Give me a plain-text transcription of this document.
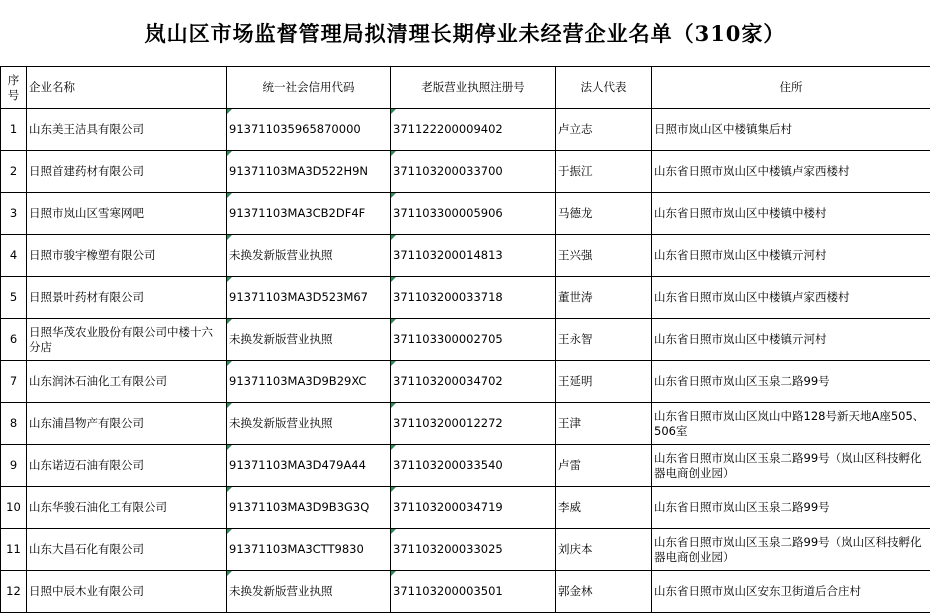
岚山区市场监督管理局拟清理长期停业未经营企业名单（310家）
序号	企业名称	统一社会信用代码	老版营业执照注册号	法人代表	住所
1	山东美王洁具有限公司	913711035965870000	371122200009402	卢立志	日照市岚山区中楼镇集后村
2	日照首建药材有限公司	91371103MA3D522H9N	371103200033700	于振江	山东省日照市岚山区中楼镇卢家西楼村
3	日照市岚山区雪寒网吧	91371103MA3CB2DF4F	371103300005906	马德龙	山东省日照市岚山区中楼镇中楼村
4	日照市骏宇橡塑有限公司	未换发新版营业执照	371103200014813	王兴强	山东省日照市岚山区中楼镇亓河村
5	日照景叶药材有限公司	91371103MA3D523M67	371103200033718	董世涛	山东省日照市岚山区中楼镇卢家西楼村
6	日照华茂农业股份有限公司中楼十六分店	未换发新版营业执照	371103300002705	王永智	山东省日照市岚山区中楼镇亓河村
7	山东润沐石油化工有限公司	91371103MA3D9B29XC	371103200034702	王延明	山东省日照市岚山区玉泉二路99号
8	山东浦昌物产有限公司	未换发新版营业执照	371103200012272	王津	山东省日照市岚山区岚山中路128号新天地A座505、506室
9	山东诺迈石油有限公司	91371103MA3D479A44	371103200033540	卢雷	山东省日照市岚山区玉泉二路99号（岚山区科技孵化器电商创业园）
10	山东华骏石油化工有限公司	91371103MA3D9B3G3Q	371103200034719	李威	山东省日照市岚山区玉泉二路99号
11	山东大昌石化有限公司	91371103MA3CTT9830	371103200033025	刘庆本	山东省日照市岚山区玉泉二路99号（岚山区科技孵化器电商创业园）
12	日照中辰木业有限公司	未换发新版营业执照	371103200003501	郭金林	山东省日照市岚山区安东卫街道后合庄村
